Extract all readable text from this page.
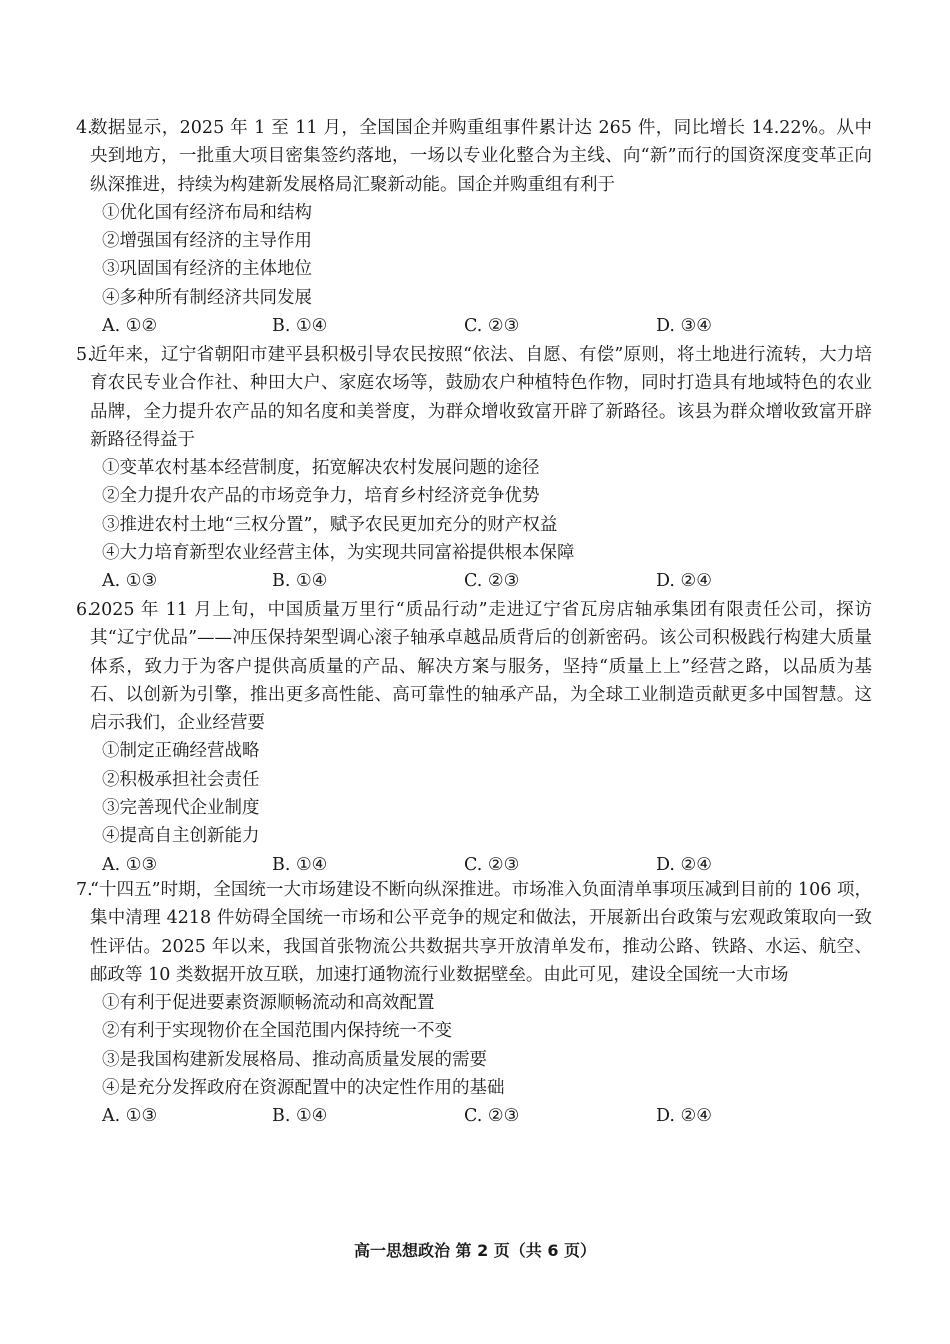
4.
数据显示，2025 年 1 至 11 月，全国国企并购重组事件累计达 265 件，同比增长 14.22%。从中央到地方，一批重大项目密集签约落地，一场以专业化整合为主线、向“新”而行的国资深度变革正向纵深推进，持续为构建新发展格局汇聚新动能。国企并购重组有利于
①优化国有经济布局和结构
②增强国有经济的主导作用
③巩固国有经济的主体地位
④多种所有制经济共同发展
A. ①②	B. ①④	C. ②③	D. ③④
5.
近年来，辽宁省朝阳市建平县积极引导农民按照“依法、自愿、有偿”原则，将土地进行流转，大力培育农民专业合作社、种田大户、家庭农场等，鼓励农户种植特色作物，同时打造具有地域特色的农业品牌，全力提升农产品的知名度和美誉度，为群众增收致富开辟了新路径。该县为群众增收致富开辟新路径得益于
①变革农村基本经营制度，拓宽解决农村发展问题的途径
②全力提升农产品的市场竞争力，培育乡村经济竞争优势
③推进农村土地“三权分置”，赋予农民更加充分的财产权益
④大力培育新型农业经营主体，为实现共同富裕提供根本保障
A. ①③	B. ①④	C. ②③	D. ②④
6.
2025 年 11 月上旬，中国质量万里行“质品行动”走进辽宁省瓦房店轴承集团有限责任公司，探访其“辽宁优品”——冲压保持架型调心滚子轴承卓越品质背后的创新密码。该公司积极践行构建大质量体系，致力于为客户提供高质量的产品、解决方案与服务，坚持“质量上上”经营之路，以品质为基石、以创新为引擎，推出更多高性能、高可靠性的轴承产品，为全球工业制造贡献更多中国智慧。这启示我们，企业经营要
①制定正确经营战略
②积极承担社会责任
③完善现代企业制度
④提高自主创新能力
A. ①③	B. ①④	C. ②③	D. ②④
7.
“十四五”时期，全国统一大市场建设不断向纵深推进。市场准入负面清单事项压减到目前的 106 项，集中清理 4218 件妨碍全国统一市场和公平竞争的规定和做法，开展新出台政策与宏观政策取向一致性评估。2025 年以来，我国首张物流公共数据共享开放清单发布，推动公路、铁路、水运、航空、邮政等 10 类数据开放互联，加速打通物流行业数据壁垒。由此可见，建设全国统一大市场
①有利于促进要素资源顺畅流动和高效配置
②有利于实现物价在全国范围内保持统一不变
③是我国构建新发展格局、推动高质量发展的需要
④是充分发挥政府在资源配置中的决定性作用的基础
A. ①③	B. ①④	C. ②③	D. ②④
高一思想政治 第 2 页（共 6 页）
